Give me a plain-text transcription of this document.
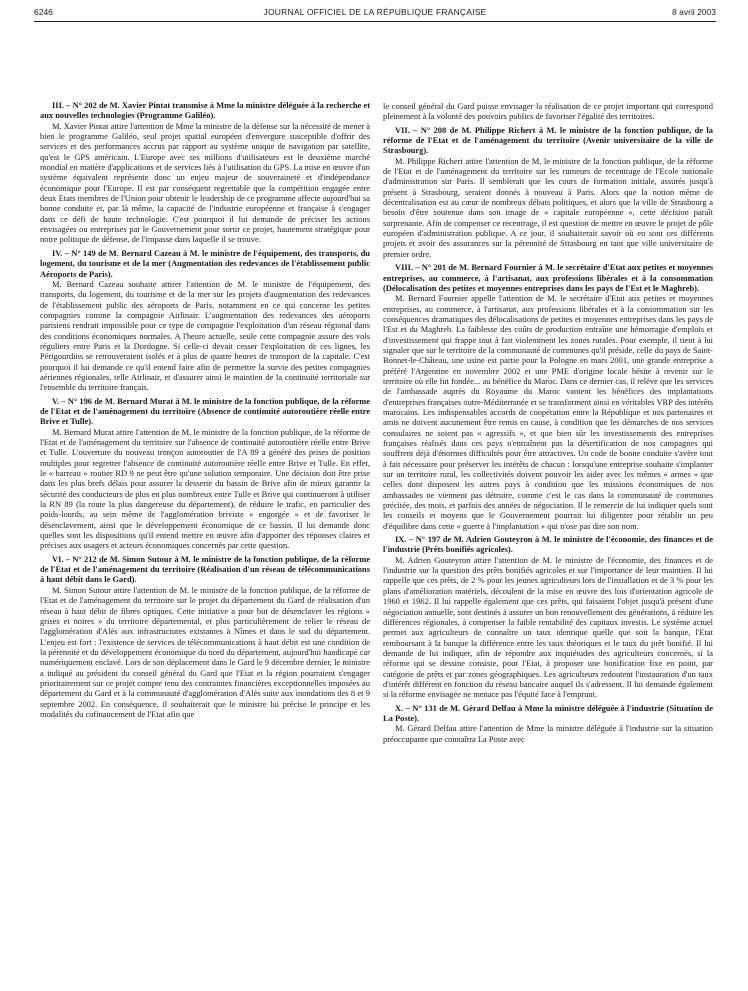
6246	JOURNAL OFFICIEL DE LA RÉPUBLIQUE FRANÇAISE	8 avril 2003

III. – N° 202 de M. Xavier Pintat transmise à Mme la ministre déléguée à la recherche et aux nouvelles technologies (Programme Galiléo).

M. Xavier Pintat attire l'attention de Mme la ministre de la défense sur la nécessité de mener à bien le programme Galiléo, seul projet spatial européen d'envergure susceptible d'offrir des services et des performances accrus par rapport au système unique de navigation par satellite, qu'est le GPS américain. L'Europe avec ses millions d'utilisateurs est le deuxième marché mondial en matière d'applications et de services liés à l'utilisation du GPS. La mise en œuvre d'un système équivalent représente donc un enjeu majeur de souveraineté et d'indépendance économique pour l'Europe. Il est par conséquent regrettable que la compétition engagée entre deux Etats membres de l'Union pour obtenir le leadership de ce programme affecte aujourd'hui sa bonne conduite et, par là même, la capacité de l'industrie européenne et française à s'engager dans ce défi de haute technologie. C'est pourquoi il lui demande de préciser les actions envisagées ou entreprises par le Gouvernement pour sortir ce projet, hautement stratégique pour notre politique de défense, de l'impasse dans laquelle il se trouve.

IV. – N° 149 de M. Bernard Cazeau à M. le ministre de l'équipement, des transports, du logement, du tourisme et de la mer (Augmentation des redevances de l'établissement public Aéroports de Paris).

M. Bernard Cazeau souhaite attirer l'attention de M. le ministre de l'équipement, des transports, du logement, du tourisme et de la mer sur les projets d'augmentation des redevances de l'établissement public des aéroports de Paris, notamment en ce qui concerne les petites compagnies comme la compagnie Airlinair. L'augmentation des redevances des aéroports parisiens rendrait impossible pour ce type de compagnie l'exploitation d'un réseau régional dans des conditions économiques normales. A l'heure actuelle, seule cette compagnie assure des vols réguliers entre Paris et la Dordogne. Si celle-ci devait cesser l'exploitation de ces lignes, les Périgourdins se retrouveraient isolés et à plus de quatre heures de transport de la capitale. C'est pourquoi il lui demande ce qu'il entend faire afin de permettre la survie des petites compagnies aériennes régionales, telle Airlinair, et d'assurer ainsi le maintien de la continuité territoriale sur l'ensemble du territoire français.

V. – N° 196 de M. Bernard Murat à M. le ministre de la fonction publique, de la réforme de l'Etat et de l'aménagement du territoire (Absence de continuité autoroutière réelle entre Brive et Tulle).

M. Bernard Murat attire l'attention de M. le ministre de la fonction publique, de la réforme de l'Etat et de l'aménagement du territoire sur l'absence de continuité autoroutière réelle entre Brive et Tulle. L'ouverture du nouveau tronçon autoroutier de l'A 89 a généré des prises de position multiples pour regretter l'absence de continuité autoroutière réelle entre Brive et Tulle. En effet, le « barreau » routier RD 9 ne peut être qu'une solution temporaire. Une décision doit être prise dans les plus brefs délais pour assurer la desserte du bassin de Brive afin de mieux garantir la sécurité des conducteurs de plus en plus nombreux entre Tulle et Brive qui continueront à utiliser la RN 89 (la route la plus dangereuse du département), de réduire le trafic, en particulier des poids-lourds, au sein même de l'agglomération briviste « engorgée » et de favoriser le désenclavement, ainsi que le développement économique de ce bassin. Il lui demande donc quelles sont les dispositions qu'il entend mettre en œuvre afin d'apporter des réponses claires et précises aux usagers et acteurs économiques concernés par cette question.

VI. – N° 212 de M. Simon Sutour à M. le ministre de la fonction publique, de la réforme de l'Etat et de l'aménagement du territoire (Réalisation d'un réseau de télécommunications à haut débit dans le Gard).

M. Simon Sutour attire l'attention de M. le ministre de la fonction publique, de la réforme de l'Etat et de l'aménagement du territoire sur le projet du département du Gard de réalisation d'un réseau à haut débit de fibres optiques. Cette initiative a pour but de désenclaver les régions « grises et noires » du territoire départemental, et plus particulièrement de relier le réseau de l'agglomération d'Alès aux infrastructures existantes à Nîmes et dans le sud du département. L'enjeu est fort : l'existence de services de télécommunications à haut débit est une condition de la pérennité et du développement économique du nord du département, aujourd'hui handicapé car numériquement enclavé. Lors de son déplacement dans le Gard le 9 décembre dernier, le ministre a indiqué au président du conseil général du Gard que l'Etat et la région pourraient s'engager prioritairement sur ce projet compte tenu des contraintes financières exceptionnelles imposées au département du Gard et à la communauté d'agglomération d'Alès suite aux inondations des 8 et 9 septembre 2002. En conséquence, il souhaiterait que le ministre lui précise le principe et les modalités du cofinancement de l'Etat afin que

le conseil général du Gard puisse envisager la réalisation de ce projet important qui correspond pleinement à la volonté des pouvoirs publics de favoriser l'égalité des territoires.

VII. – N° 208 de M. Philippe Richert à M. le ministre de la fonction publique, de la réforme de l'Etat et de l'aménagement du territoire (Avenir universitaire de la ville de Strasbourg).

M. Philippe Richert attire l'attention de M. le ministre de la fonction publique, de la réforme de l'Etat et de l'aménagement du territoire sur les rumeurs de recentrage de l'Ecole nationale d'administration sur Paris. Il semblerait que les cours de formation initiale, assurés jusqu'à présent à Strasbourg, seraient donnés à nouveau à Paris. Alors que la notion même de décentralisation est au cœur de nombreux débats politiques, et alors que la ville de Strasbourg a besoin d'être soutenue dans son image de « capitale européenne », cette décision paraît surprenante. Afin de compenser ce recentrage, il est question de mettre en œuvre le projet de pôle européen d'administration publique. A ce jour, il souhaiterait savoir où en sont ces différents projets et avoir des assurances sur la pérennité de Strasbourg en tant que ville universitaire de premier ordre.

VIII. – N° 201 de M. Bernard Fournier à M. le secrétaire d'Etat aux petites et moyennes entreprises, au commerce, à l'artisanat, aux professions libérales et à la consommation (Délocalisation des petites et moyennes entreprises dans les pays de l'Est et le Maghreb).

M. Bernard Fournier appelle l'attention de M. le secrétaire d'Etat aux petites et moyennes entreprises, au commerce, à l'artisanat, aux professions libérales et à la consommation sur les conséquences dramatiques des délocalisations de petites et moyennes entreprises dans les pays de l'Est et du Maghreb. La faiblesse des coûts de production entraîne une hémorragie d'emplois et d'investissement qui frappe tout à fait violemment les zones rurales. Pour exemple, il tient à lui signaler que sur le territoire de la communauté de communes qu'il préside, celle du pays de Saint-Bonnet-le-Château, une usine est partie pour la Pologne en mars 2001, une grande entreprise a préféré l'Argentine en novembre 2002 et une PME d'origine locale hésite à revenir sur le territoire où elle fut fondée... au bénéfice du Maroc. Dans ce dernier cas, il relève que les services de l'ambassade auprès du Royaume du Maroc vantent les bénéfices des implantations d'entreprises françaises outre-Méditerranée et se transforment ainsi en véritables VRP des intérêts marocains. Les indispensables accords de coopération entre la République et nos partenaires et amis ne doivent aucunement être remis en cause, à condition que les démarches de nos services consulaires ne soient pas « agressifs », et que bien sûr les investissements des entreprises françaises réalisés dans ces pays n'entraînent pas la désertification de nos campagnes qui souffrent déjà d'énormes difficultés pour être attractives. Un code de bonne conduite s'avère tout à fait nécessaire pour préserver les intérêts de chacun : lorsqu'une entreprise souhaite s'implanter sur un territoire rural, les collectivités doivent pouvoir les aider avec les mêmes « armes » que celles dont disposent les autres pays à condition que les missions économiques de nos ambassades ne viennent pas détruire, comme c'est le cas dans la communauté de communes précitée, des mois, et parfois des années de négociation. Il le remercie de lui indiquer quels sont les conseils et moyens que le Gouvernement pourrait lui diligenter pour rétablir un peu d'équilibre dans cette « guerre à l'implantation » qui n'ose pas dire son nom.

IX. – N° 197 de M. Adrien Gouteyron à M. le ministre de l'économie, des finances et de l'industrie (Prêts bonifiés agricoles).

M. Adrien Gouteyron attire l'attention de M. le ministre de l'économie, des finances et de l'industrie sur la question des prêts bonifiés agricoles et sur l'importance de leur maintien. Il lui rappelle que ces prêts, de 2 % pour les jeunes agriculteurs lors de l'installation et de 3 % pour les plans d'amélioration matériels, découlent de la mise en œuvre des lois d'orientation agricole de 1960 et 1962. Il lui rappelle également que ces prêts, qui faisaient l'objet jusqu'à présent d'une négociation annuelle, sont destinés à assurer un bon renouvellement des générations, à réduire les différences régionales, à compenser la faible rentabilité des capitaux investis. Le système actuel permet aux agriculteurs de connaître un taux identique quelle que soit la banque, l'Etat remboursant à la banque la différence entre les taux théoriques et le taux du prêt bonifié. Il lui demande de lui indiquer, afin de répondre aux inquiétudes des agriculteurs concernés, si la réforme qui se dessine consiste, pour l'Etat, à proposer une bonification fixe en point, par catégorie de prêts et par zones géographiques. Les agriculteurs redoutent l'instauration d'un taux d'intérêt différent en fonction du réseau bancaire auquel ils s'adressent. Il lui demande également si la réforme envisagée ne menace pas l'équité face à l'emprunt.

X. – N° 131 de M. Gérard Delfau à Mme la ministre déléguée à l'industrie (Situation de La Poste).

M. Gérard Delfau attire l'attention de Mme la ministre déléguée à l'industrie sur la situation préoccupante que connaîtra La Poste avec
